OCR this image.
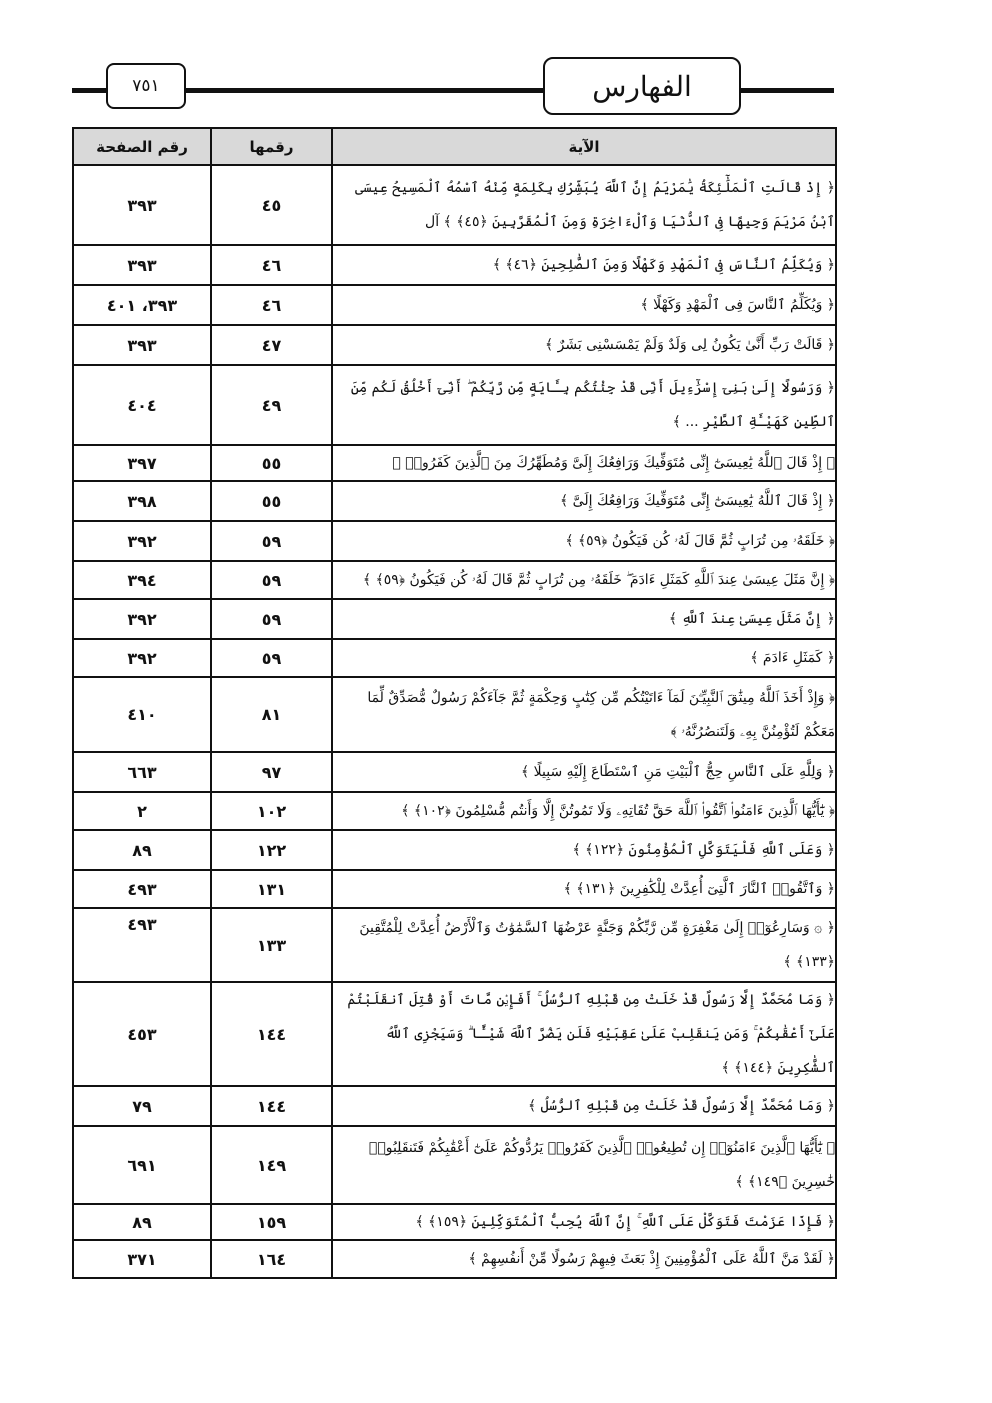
٧٥١	الفهارس
رقم الصفحة	رقمها	الآية
٣٩٣	٤٥	﴿ إِذْ قَالَتِ ٱلْمَلَٰٓئِكَةُ يَٰمَرْيَمُ إِنَّ ٱللَّهَ يُبَشِّرُكِ بِكَلِمَةٍ مِّنْهُ ٱسْمُهُ ٱلْمَسِيحُ عِيسَى ٱبْنُ مَرْيَمَ وَجِيهًا فِى ٱلدُّنْيَا وَٱلْءَاخِرَةِ وَمِنَ ٱلْمُقَرَّبِينَ ﴿٤٥﴾ ﴾ آل
٣٩٣	٤٦	﴿ وَيُكَلِّمُ ٱلنَّاسَ فِى ٱلْمَهْدِ وَكَهْلًا وَمِنَ ٱلصَّٰلِحِينَ ﴿٤٦﴾ ﴾
٣٩٣، ٤٠١	٤٦	﴿ وَيُكَلِّمُ ٱلنَّاسَ فِى ٱلْمَهْدِ وَكَهْلًا ﴾
٣٩٣	٤٧	﴿ قَالَتْ رَبِّ أَنَّىٰ يَكُونُ لِى وَلَدٌ وَلَمْ يَمْسَسْنِى بَشَرٌ ﴾
٤٠٤	٤٩	﴿ وَرَسُولًا إِلَىٰ بَنِىٓ إِسْرَٰٓءِيلَ أَنِّى قَدْ جِئْتُكُم بِـَٔايَةٍ مِّن رَّبِّكُمْ ۖ أَنِّىٓ أَخْلُقُ لَكُم مِّنَ ٱلطِّينِ كَهَيْـَٔةِ ٱلطَّيْرِ ... ﴾
٣٩٧	٥٥	﴿ إِذْ قَالَ ٱللَّهُ يَٰعِيسَىٰٓ إِنِّى مُتَوَفِّيكَ وَرَافِعُكَ إِلَىَّ وَمُطَهِّرُكَ مِنَ ٱلَّذِينَ كَفَرُوا۟ ﴾
٣٩٨	٥٥	﴿ إِذْ قَالَ ٱللَّهُ يَٰعِيسَىٰٓ إِنِّى مُتَوَفِّيكَ وَرَافِعُكَ إِلَىَّ ﴾
٣٩٢	٥٩	﴿ خَلَقَهُۥ مِن تُرَابٍ ثُمَّ قَالَ لَهُۥ كُن فَيَكُونُ ﴿٥٩﴾ ﴾
٣٩٤	٥٩	﴿ إِنَّ مَثَلَ عِيسَىٰ عِندَ ٱللَّهِ كَمَثَلِ ءَادَمَ ۖ خَلَقَهُۥ مِن تُرَابٍ ثُمَّ قَالَ لَهُۥ كُن فَيَكُونُ ﴿٥٩﴾ ﴾
٣٩٢	٥٩	﴿ إِنَّ مَثَلَ عِيسَىٰ عِندَ ٱللَّهِ ﴾
٣٩٢	٥٩	﴿ كَمَثَلِ ءَادَمَ ﴾
٤١٠	٨١	﴿ وَإِذْ أَخَذَ ٱللَّهُ مِيثَٰقَ ٱلنَّبِيِّـۧنَ لَمَآ ءَاتَيْتُكُم مِّن كِتَٰبٍ وَحِكْمَةٍ ثُمَّ جَآءَكُمْ رَسُولٌ مُّصَدِّقٌ لِّمَا مَعَكُمْ لَتُؤْمِنُنَّ بِهِۦ وَلَتَنصُرُنَّهُۥ ﴾
٦٦٣	٩٧	﴿ وَلِلَّهِ عَلَى ٱلنَّاسِ حِجُّ ٱلْبَيْتِ مَنِ ٱسْتَطَاعَ إِلَيْهِ سَبِيلًا ﴾
٢	١٠٢	﴿ يَٰٓأَيُّهَا ٱلَّذِينَ ءَامَنُوا۟ ٱتَّقُوا۟ ٱللَّهَ حَقَّ تُقَاتِهِۦ وَلَا تَمُوتُنَّ إِلَّا وَأَنتُم مُّسْلِمُونَ ﴿١٠٢﴾ ﴾
٨٩	١٢٢	﴿ وَعَلَى ٱللَّهِ فَلْيَتَوَكَّلِ ٱلْمُؤْمِنُونَ ﴿١٢٢﴾ ﴾
٤٩٣	١٣١	﴿ وَٱتَّقُوا۟ ٱلنَّارَ ٱلَّتِىٓ أُعِدَّتْ لِلْكَٰفِرِينَ ﴿١٣١﴾ ﴾
٤٩٣	١٣٣	﴿ ۞ وَسَارِعُوٓا۟ إِلَىٰ مَغْفِرَةٍ مِّن رَّبِّكُمْ وَجَنَّةٍ عَرْضُهَا ٱلسَّمَٰوَٰتُ وَٱلْأَرْضُ أُعِدَّتْ لِلْمُتَّقِينَ ﴿١٣٣﴾ ﴾
٤٥٣	١٤٤	﴿ وَمَا مُحَمَّدٌ إِلَّا رَسُولٌ قَدْ خَلَتْ مِن قَبْلِهِ ٱلرُّسُلُ ۚ أَفَإِي۟ن مَّاتَ أَوْ قُتِلَ ٱنقَلَبْتُمْ عَلَىٰٓ أَعْقَٰبِكُمْ ۚ وَمَن يَنقَلِبْ عَلَىٰ عَقِبَيْهِ فَلَن يَضُرَّ ٱللَّهَ شَيْـًٔا ۗ وَسَيَجْزِى ٱللَّهُ ٱلشَّٰكِرِينَ ﴿١٤٤﴾ ﴾
٧٩	١٤٤	﴿ وَمَا مُحَمَّدٌ إِلَّا رَسُولٌ قَدْ خَلَتْ مِن قَبْلِهِ ٱلرُّسُلُ ﴾
٦٩١	١٤٩	﴿ يَٰٓأَيُّهَا ٱلَّذِينَ ءَامَنُوٓا۟ إِن تُطِيعُوا۟ ٱلَّذِينَ كَفَرُوا۟ يَرُدُّوكُمْ عَلَىٰٓ أَعْقَٰبِكُمْ فَتَنقَلِبُوا۟ خَٰسِرِينَ ﴿١٤٩﴾ ﴾
٨٩	١٥٩	﴿ فَإِذَا عَزَمْتَ فَتَوَكَّلْ عَلَى ٱللَّهِ ۚ إِنَّ ٱللَّهَ يُحِبُّ ٱلْمُتَوَكِّلِينَ ﴿١٥٩﴾ ﴾
٣٧١	١٦٤	﴿ لَقَدْ مَنَّ ٱللَّهُ عَلَى ٱلْمُؤْمِنِينَ إِذْ بَعَثَ فِيهِمْ رَسُولًا مِّنْ أَنفُسِهِمْ ﴾
